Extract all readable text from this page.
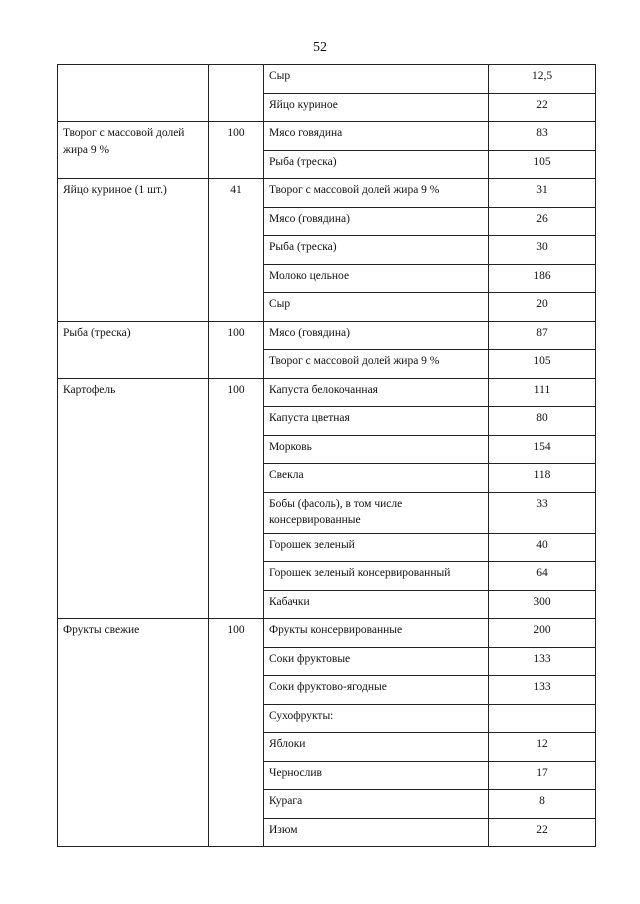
52
		Сыр	12,5
		Яйцо куриное	22
Творог с массовой долей жира 9 %	100	Мясо говядина	83
		Рыба (треска)	105
Яйцо куриное (1 шт.)	41	Творог с массовой долей жира 9 %	31
		Мясо (говядина)	26
		Рыба (треска)	30
		Молоко цельное	186
		Сыр	20
Рыба (треска)	100	Мясо (говядина)	87
		Творог с массовой долей жира 9 %	105
Картофель	100	Капуста белокочанная	111
		Капуста цветная	80
		Морковь	154
		Свекла	118
		Бобы (фасоль), в том числе консервированные	33
		Горошек зеленый	40
		Горошек зеленый консервированный	64
		Кабачки	300
Фрукты свежие	100	Фрукты консервированные	200
		Соки фруктовые	133
		Соки фруктово-ягодные	133
		Сухофрукты:	
		Яблоки	12
		Чернослив	17
		Курага	8
		Изюм	22
